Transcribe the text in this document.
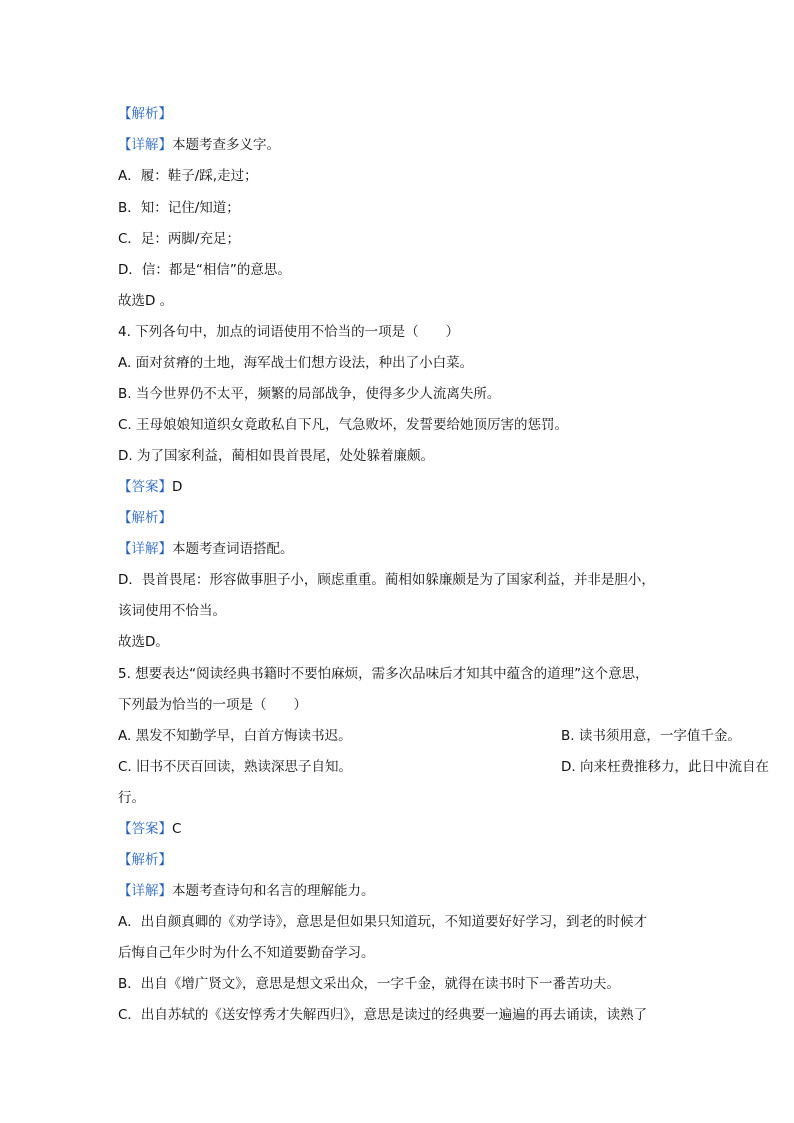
【解析】
【详解】本题考查多义字。
A．履：鞋子/踩,走过；
B．知：记住/知道；
C．足：两脚/充足；
D．信：都是“相信”的意思。
故选D 。
4. 下列各句中，加点的词语使用不恰当的一项是（　　）
A. 面对贫瘠的土地，海军战士们想方设法，种出了小白菜。
B. 当今世界仍不太平，频繁的局部战争，使得多少人流离失所。
C. 王母娘娘知道织女竟敢私自下凡，气急败坏，发誓要给她顶厉害的惩罚。
D. 为了国家利益，蔺相如畏首畏尾，处处躲着廉颇。
【答案】D
【解析】
【详解】本题考查词语搭配。
D．畏首畏尾：形容做事胆子小，顾虑重重。蔺相如躲廉颇是为了国家利益，并非是胆小，
该词使用不恰当。
故选D。
5. 想要表达“阅读经典书籍时不要怕麻烦，需多次品味后才知其中蕴含的道理”这个意思，
下列最为恰当的一项是（　　）
A. 黑发不知勤学早，白首方悔读书迟。	B. 读书须用意，一字值千金。
C. 旧书不厌百回读，熟读深思子自知。	D. 向来枉费推移力，此日中流自在
行。
【答案】C
【解析】
【详解】本题考查诗句和名言的理解能力。
A．出自颜真卿的《劝学诗》，意思是但如果只知道玩，不知道要好好学习，到老的时候才
后悔自己年少时为什么不知道要勤奋学习。
B．出自《增广贤文》，意思是想文采出众，一字千金，就得在读书时下一番苦功夫。
C．出自苏轼的《送安惇秀才失解西归》，意思是读过的经典要一遍遍的再去诵读，读熟了
